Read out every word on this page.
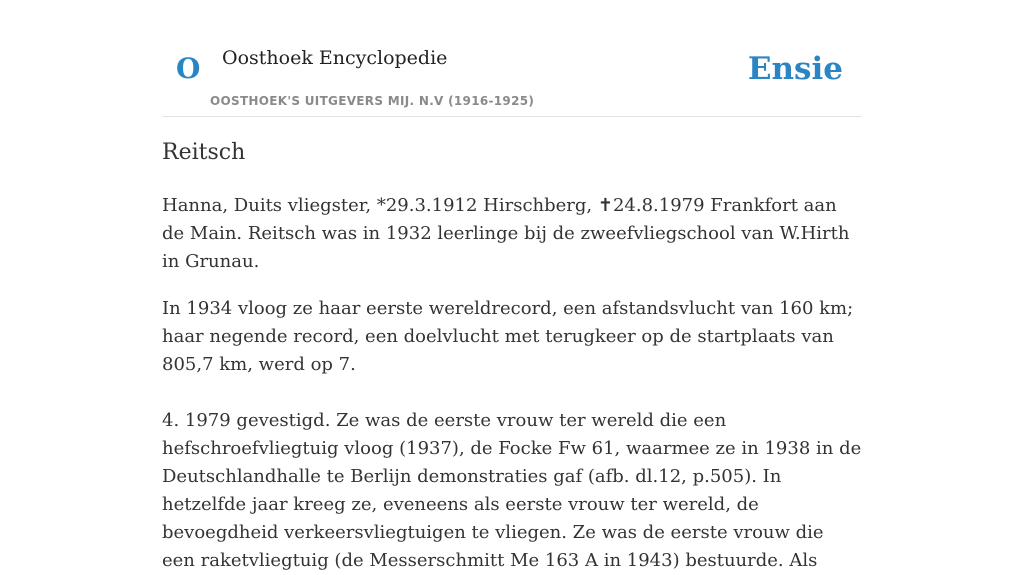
O Oosthoek Encyclopedie
OOSTHOEK'S UITGEVERS MIJ. N.V (1916-1925)
Ensie
Reitsch

Hanna, Duits vliegster, *29.3.1912 Hirschberg, ✝24.8.1979 Frankfort aan de Main. Reitsch was in 1932 leerlinge bij de zweefvliegschool van W.Hirth in Grunau.

In 1934 vloog ze haar eerste wereldrecord, een afstandsvlucht van 160 km; haar negende record, een doelvlucht met terugkeer op de startplaats van 805,7 km, werd op 7.

4. 1979 gevestigd. Ze was de eerste vrouw ter wereld die een hefschroefvliegtuig vloog (1937), de Focke Fw 61, waarmee ze in 1938 in de Deutschlandhalle te Berlijn demonstraties gaf (afb. dl.12, p.505). In hetzelfde jaar kreeg ze, eveneens als eerste vrouw ter wereld, de bevoegdheid verkeersvliegtuigen te vliegen. Ze was de eerste vrouw die een raketvliegtuig (de Messerschmitt Me 163 A in 1943) bestuurde. Als
